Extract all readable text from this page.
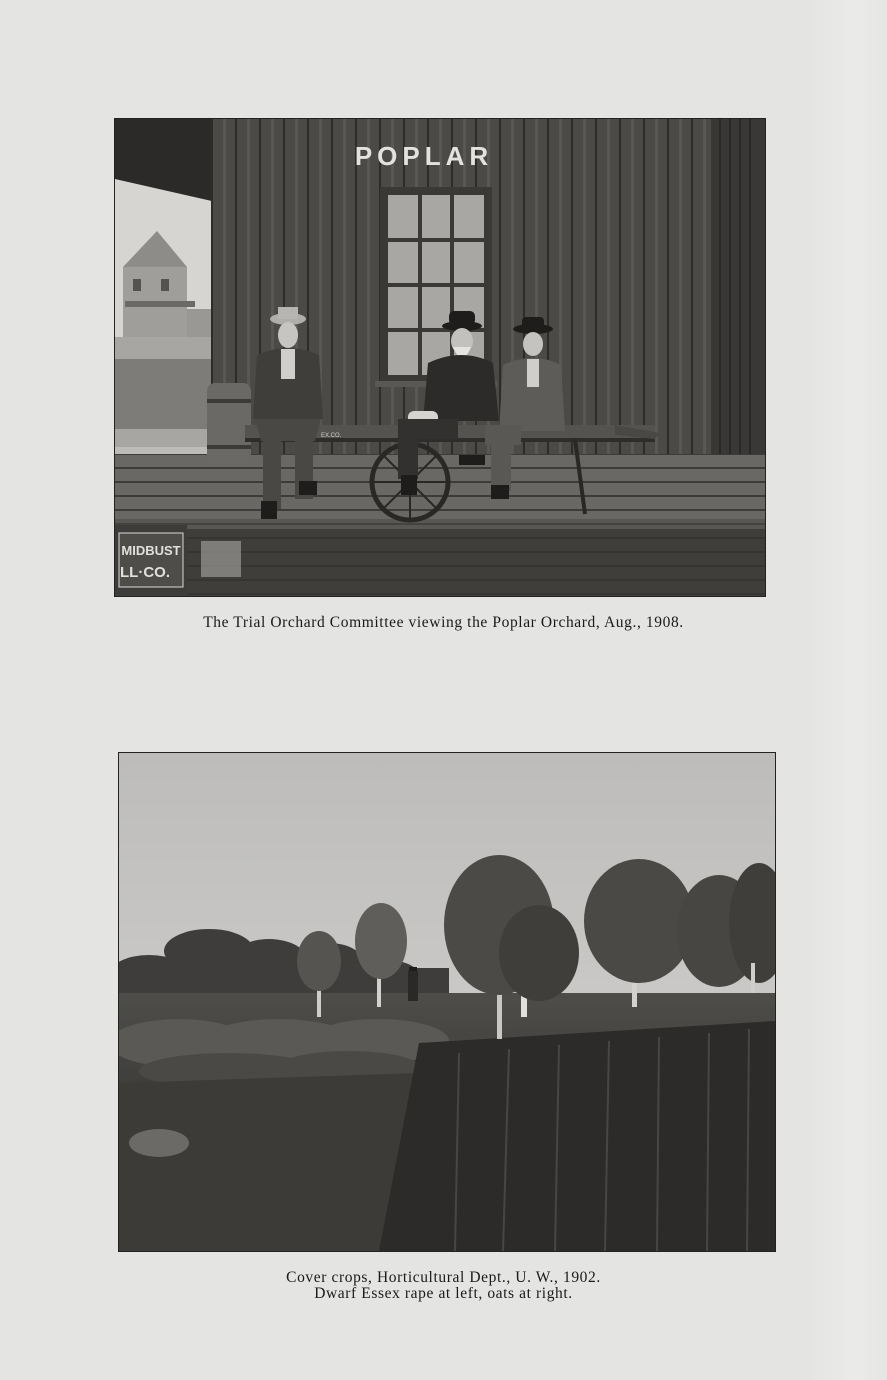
EX.CO.
MIDBUST
LL·CO.
POPLAR
The Trial Orchard Committee viewing the Poplar Orchard, Aug., 1908.
Cover crops, Horticultural Dept., U. W., 1902.
Dwarf Essex rape at left, oats at right.
